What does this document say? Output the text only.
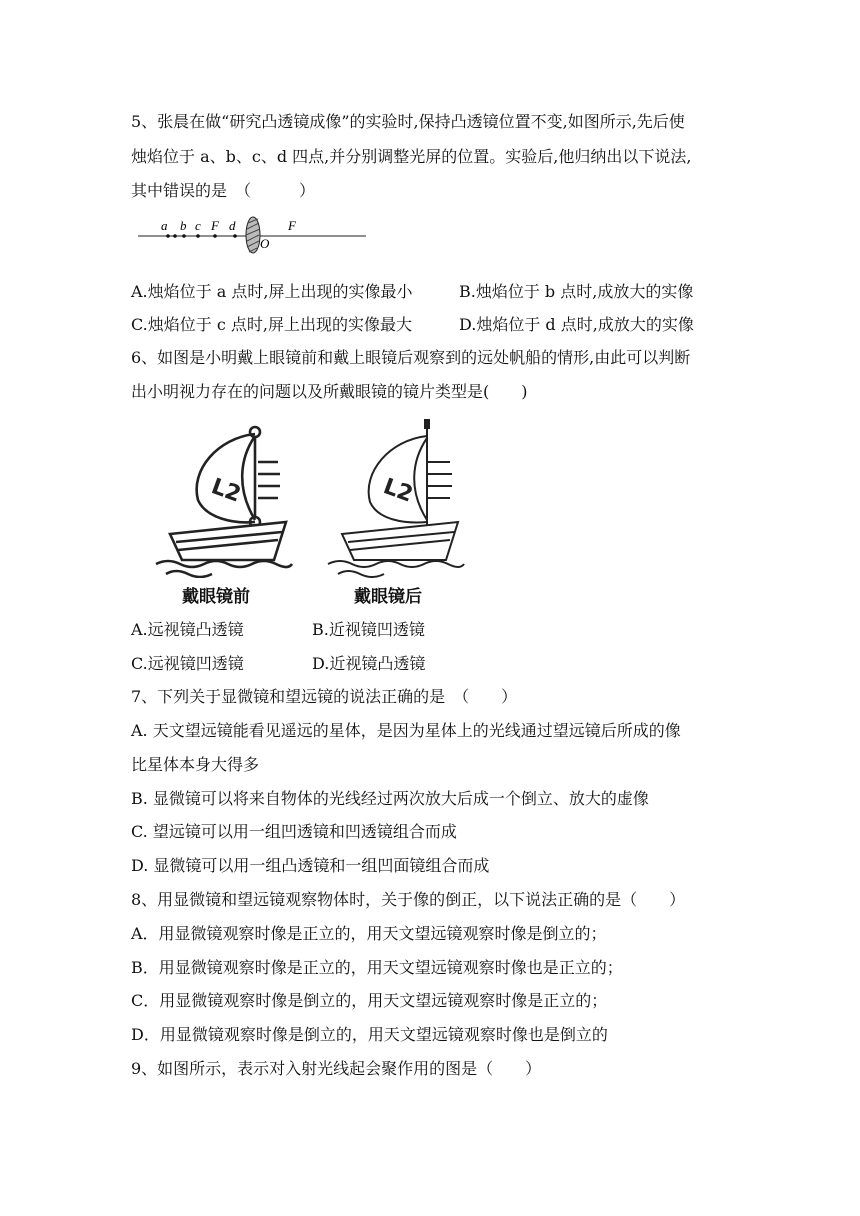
5、张晨在做“研究凸透镜成像”的实验时,保持凸透镜位置不变,如图所示,先后使
烛焰位于 a、b、c、d 四点,并分别调整光屏的位置。实验后,他归纳出以下说法,
其中错误的是　（　　　）
a b c F d
O
F
A.烛焰位于 a 点时,屏上出现的实像最小	B.烛焰位于 b 点时,成放大的实像
C.烛焰位于 c 点时,屏上出现的实像最大	D.烛焰位于 d 点时,成放大的实像
6、如图是小明戴上眼镜前和戴上眼镜后观察到的远处帆船的情形,由此可以判断
出小明视力存在的问题以及所戴眼镜的镜片类型是(　　)
L2
戴眼镜前
L2
戴眼镜后
A.远视镜凸透镜	B.近视镜凹透镜
C.远视镜凹透镜	D.近视镜凸透镜
7、下列关于显微镜和望远镜的说法正确的是　（　　）
A. 天文望远镜能看见遥远的星体，是因为星体上的光线通过望远镜后所成的像
比星体本身大得多
B. 显微镜可以将来自物体的光线经过两次放大后成一个倒立、放大的虚像
C. 望远镜可以用一组凹透镜和凹透镜组合而成
D. 显微镜可以用一组凸透镜和一组凹面镜组合而成
8、用显微镜和望远镜观察物体时，关于像的倒正，以下说法正确的是（　　）
A．用显微镜观察时像是正立的，用天文望远镜观察时像是倒立的；
B．用显微镜观察时像是正立的，用天文望远镜观察时像也是正立的；
C．用显微镜观察时像是倒立的，用天文望远镜观察时像是正立的；
D．用显微镜观察时像是倒立的，用天文望远镜观察时像也是倒立的
9、如图所示，表示对入射光线起会聚作用的图是（　　）
